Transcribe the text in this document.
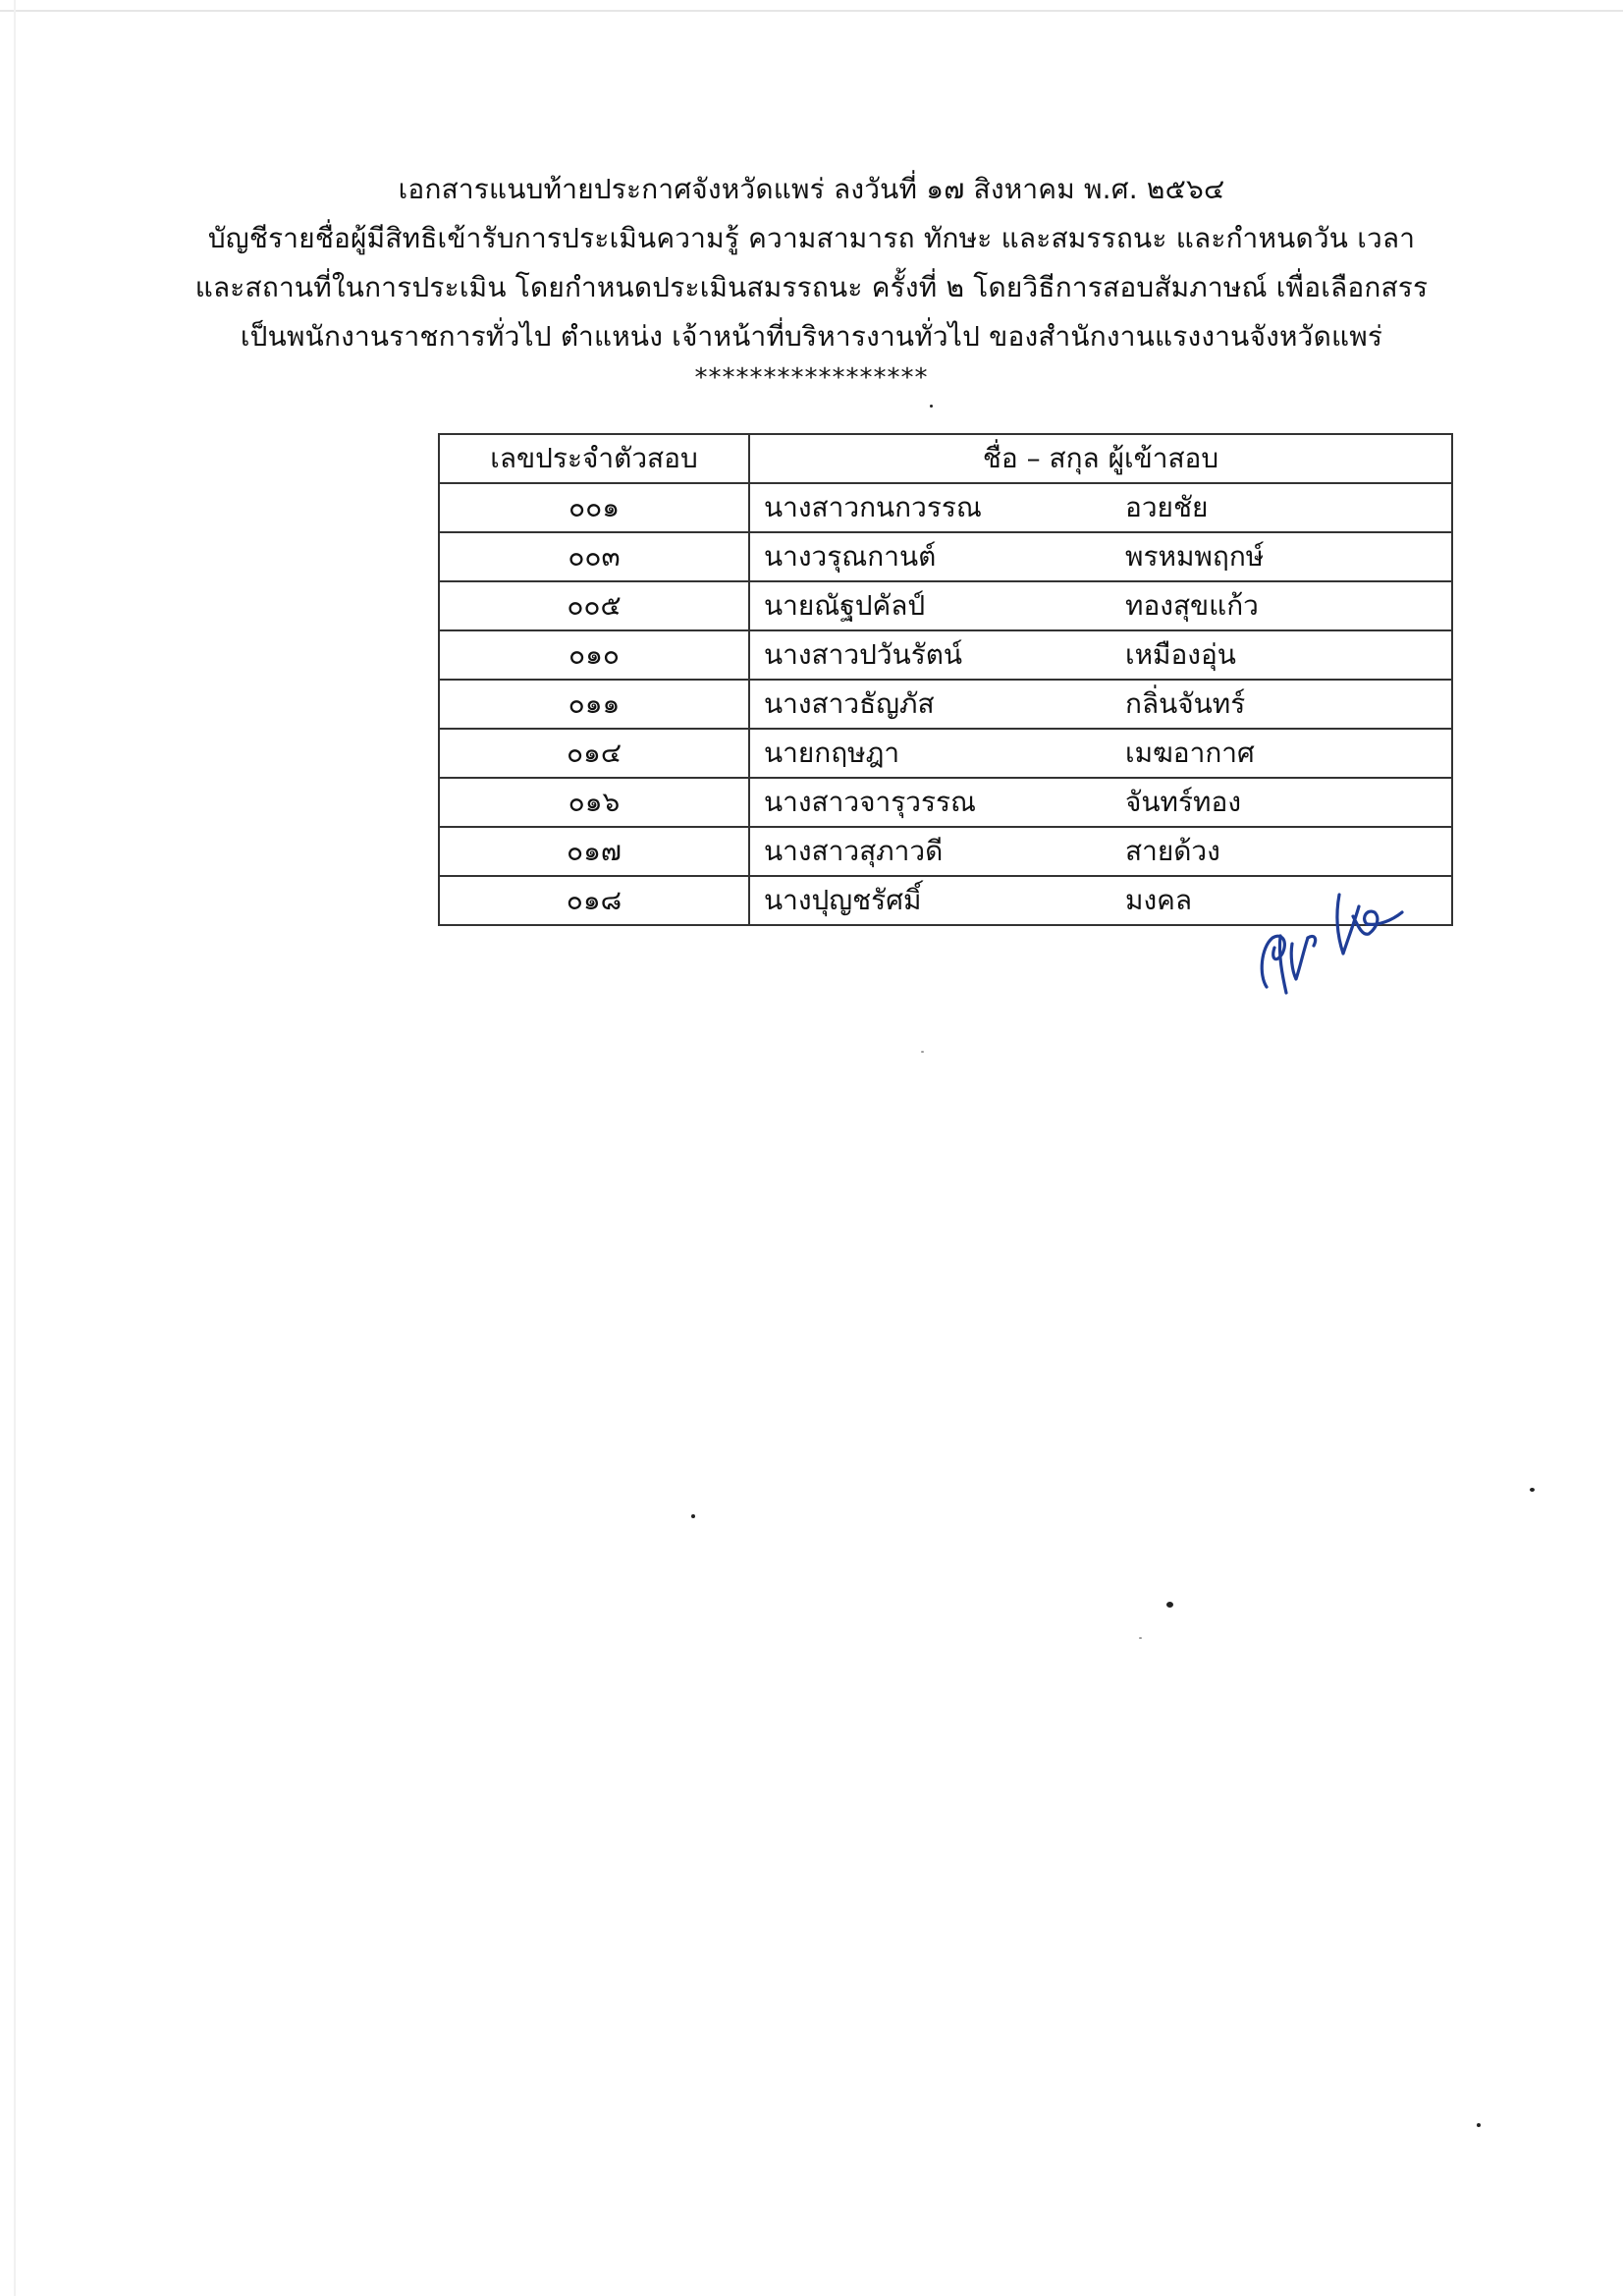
เอกสารแนบท้ายประกาศจังหวัดแพร่ ลงวันที่ ๑๗ สิงหาคม พ.ศ. ๒๕๖๔
บัญชีรายชื่อผู้มีสิทธิเข้ารับการประเมินความรู้ ความสามารถ ทักษะ และสมรรถนะ และกำหนดวัน เวลา
และสถานที่ในการประเมิน โดยกำหนดประเมินสมรรถนะ ครั้งที่ ๒ โดยวิธีการสอบสัมภาษณ์ เพื่อเลือกสรร
เป็นพนักงานราชการทั่วไป ตำแหน่ง เจ้าหน้าที่บริหารงานทั่วไป ของสำนักงานแรงงานจังหวัดแพร่
*****************
เลขประจำตัวสอบ	ชื่อ – สกุล ผู้เข้าสอบ	
๐๐๑	นางสาวกนกวรรณ	อวยชัย
๐๐๓	นางวรุณกานต์	พรหมพฤกษ์
๐๐๕	นายณัฐปคัลป์	ทองสุขแก้ว
๐๑๐	นางสาวปวันรัตน์	เหมืองอุ่น
๐๑๑	นางสาวธัญภัส	กลิ่นจันทร์
๐๑๔	นายกฤษฎา	เมฆอากาศ
๐๑๖	นางสาวจารุวรรณ	จันทร์ทอง
๐๑๗	นางสาวสุภาวดี	สายด้วง
๐๑๘	นางปุญชรัศมิ์	มงคล
